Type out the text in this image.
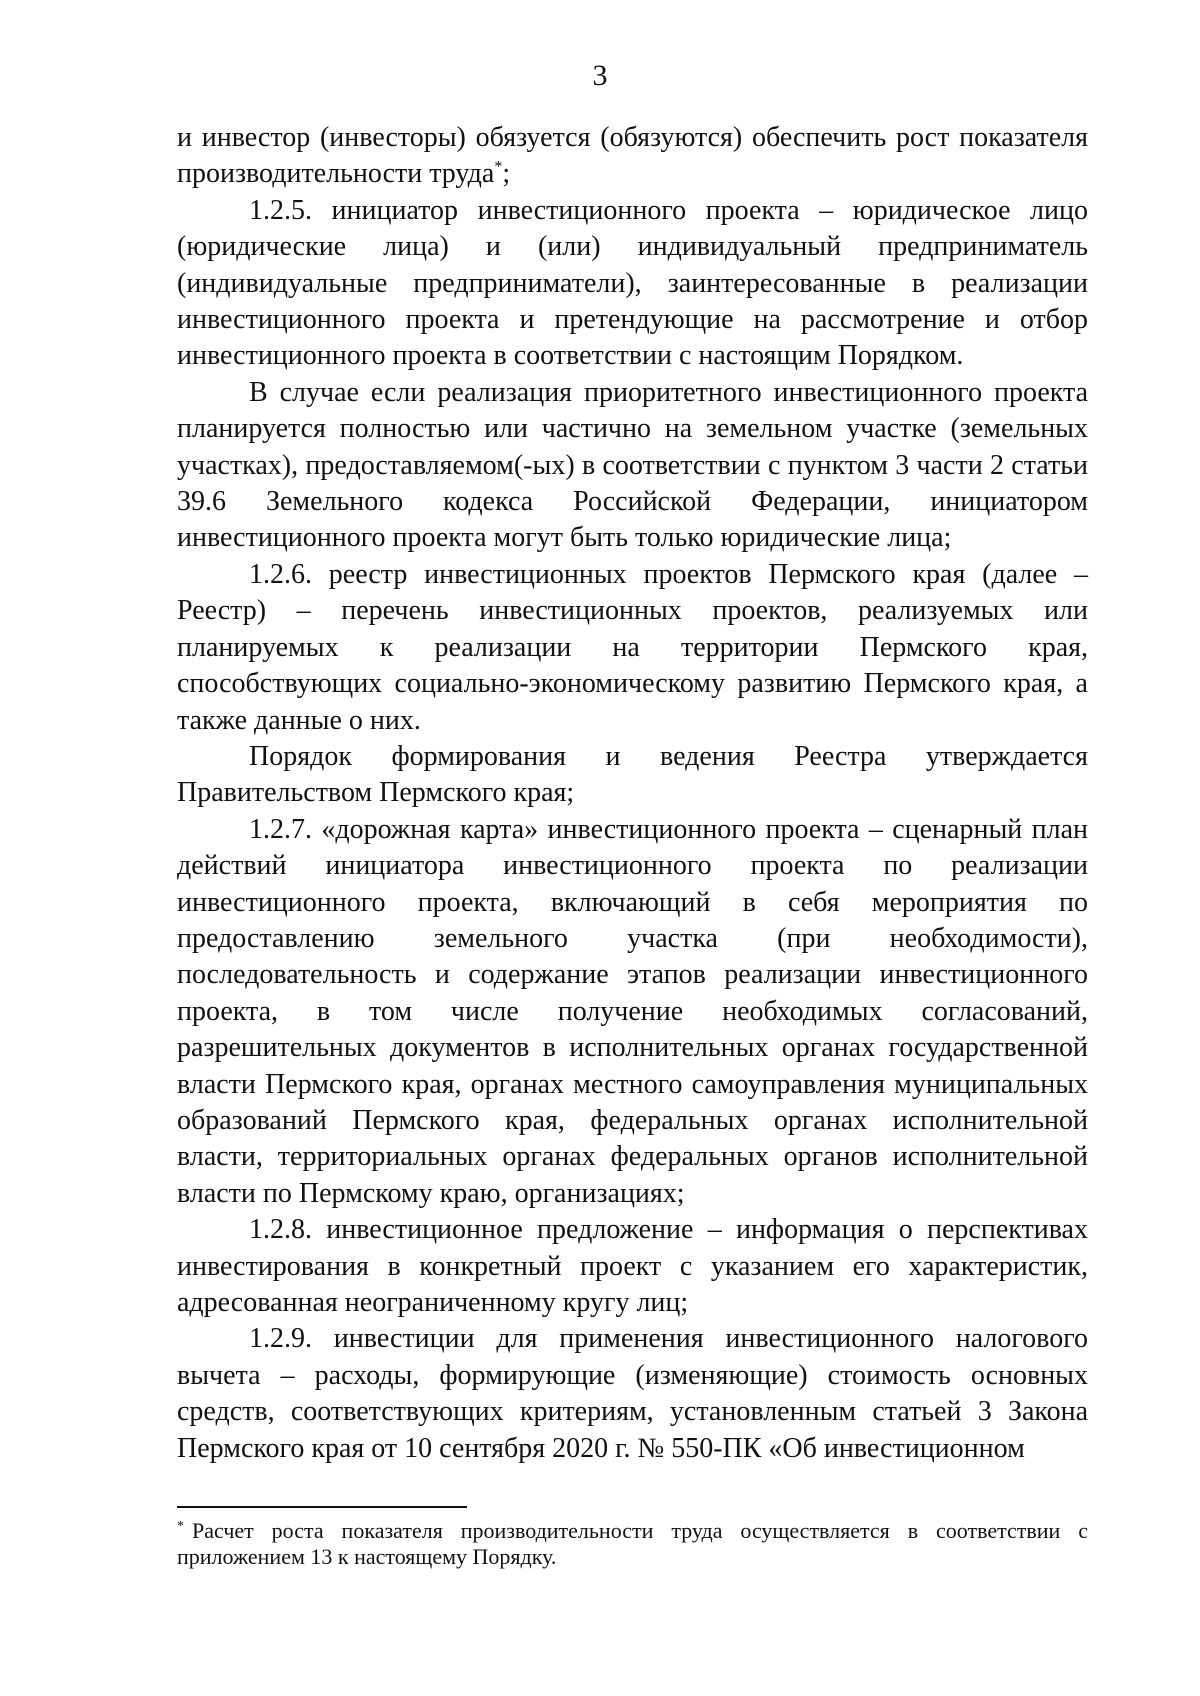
3

и инвестор (инвесторы) обязуется (обязуются) обеспечить рост показателя производительности труда*;

1.2.5. инициатор инвестиционного проекта – юридическое лицо (юридические лица) и (или) индивидуальный предприниматель (индивидуальные предприниматели), заинтересованные в реализации инвестиционного проекта и претендующие на рассмотрение и отбор инвестиционного проекта в соответствии с настоящим Порядком.

В случае если реализация приоритетного инвестиционного проекта планируется полностью или частично на земельном участке (земельных участках), предоставляемом(-ых) в соответствии с пунктом 3 части 2 статьи 39.6 Земельного кодекса Российской Федерации, инициатором инвестиционного проекта могут быть только юридические лица;

1.2.6. реестр инвестиционных проектов Пермского края (далее – Реестр) – перечень инвестиционных проектов, реализуемых или планируемых к реализации на территории Пермского края, способствующих социально-экономическому развитию Пермского края, а также данные о них.

Порядок формирования и ведения Реестра утверждается Правительством Пермского края;

1.2.7. «дорожная карта» инвестиционного проекта – сценарный план действий инициатора инвестиционного проекта по реализации инвестиционного проекта, включающий в себя мероприятия по предоставлению земельного участка (при необходимости), последовательность и содержание этапов реализации инвестиционного проекта, в том числе получение необходимых согласований, разрешительных документов в исполнительных органах государственной власти Пермского края, органах местного самоуправления муниципальных образований Пермского края, федеральных органах исполнительной власти, территориальных органах федеральных органов исполнительной власти по Пермскому краю, организациях;

1.2.8. инвестиционное предложение – информация о перспективах инвестирования в конкретный проект с указанием его характеристик, адресованная неограниченному кругу лиц;

1.2.9. инвестиции для применения инвестиционного налогового вычета – расходы, формирующие (изменяющие) стоимость основных средств, соответствующих критериям, установленным статьей 3 Закона Пермского края от 10 сентября 2020 г. № 550-ПК «Об инвестиционном

* Расчет роста показателя производительности труда осуществляется в соответствии с приложением 13 к настоящему Порядку.
